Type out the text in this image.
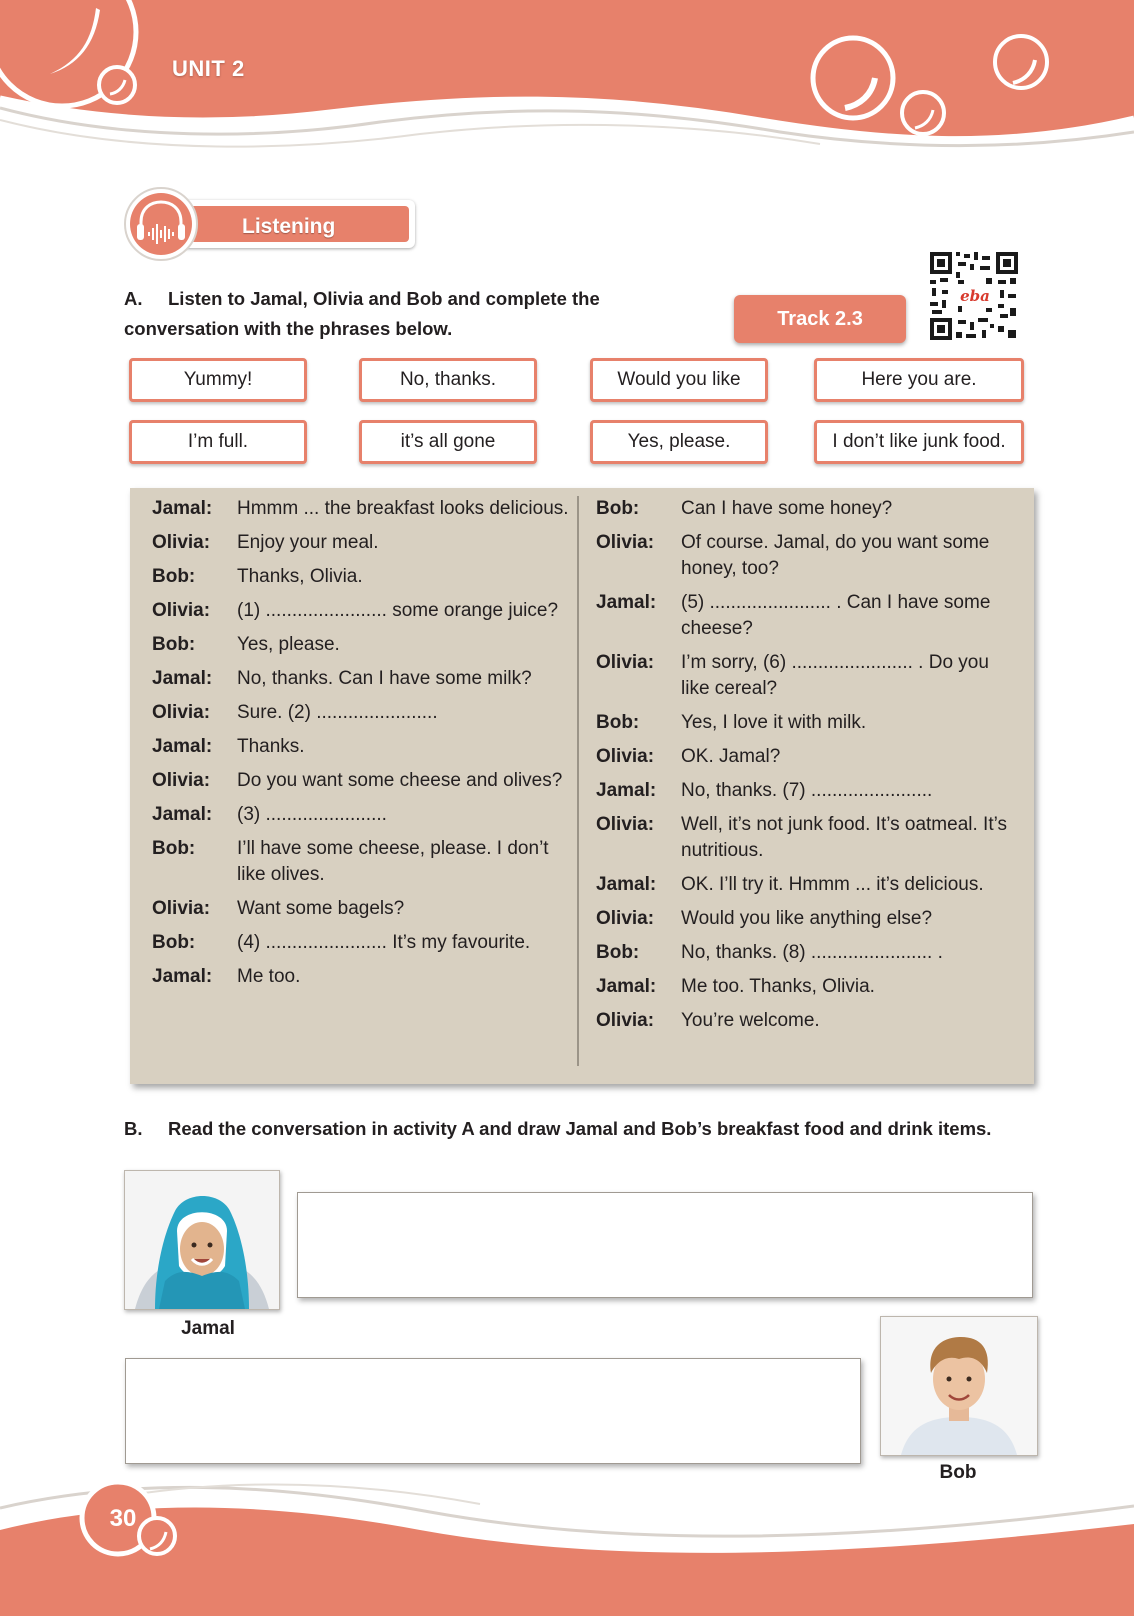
UNIT 2
Listening
A.	Listen to Jamal, Olivia and Bob and complete the conversation with the phrases below.	Track 2.3
eba
Yummy!	No, thanks.	Would you like	Here you are.
I’m full.	it’s all gone	Yes, please.	I don’t like junk food.
Jamal:	Hmmm ... the breakfast looks delicious.
Olivia:	Enjoy your meal.
Bob:	Thanks, Olivia.
Olivia:	(1) ....................... some orange juice?
Bob:	Yes, please.
Jamal:	No, thanks. Can I have some milk?
Olivia:	Sure. (2) .......................
Jamal:	Thanks.
Olivia:	Do you want some cheese and olives?
Jamal:	(3) .......................
Bob:	I’ll have some cheese, please. I don’t like olives.
Olivia:	Want some bagels?
Bob:	(4) ....................... It’s my favourite.
Jamal:	Me too.
Bob:	Can I have some honey?
Olivia:	Of course. Jamal, do you want some honey, too?
Jamal:	(5) ....................... . Can I have some cheese?
Olivia:	I’m sorry, (6) ....................... . Do you like cereal?
Bob:	Yes, I love it with milk.
Olivia:	OK. Jamal?
Jamal:	No, thanks. (7) .......................
Olivia:	Well, it’s not junk food. It’s oatmeal. It’s nutritious.
Jamal:	OK. I’ll try it. Hmmm ... it’s delicious.
Olivia:	Would you like anything else?
Bob:	No, thanks. (8) ....................... .
Jamal:	Me too. Thanks, Olivia.
Olivia:	You’re welcome.
Read the conversation in activity A and draw Jamal and Bob’s breakfast food and drink items.
B.
Jamal
Bob
30
